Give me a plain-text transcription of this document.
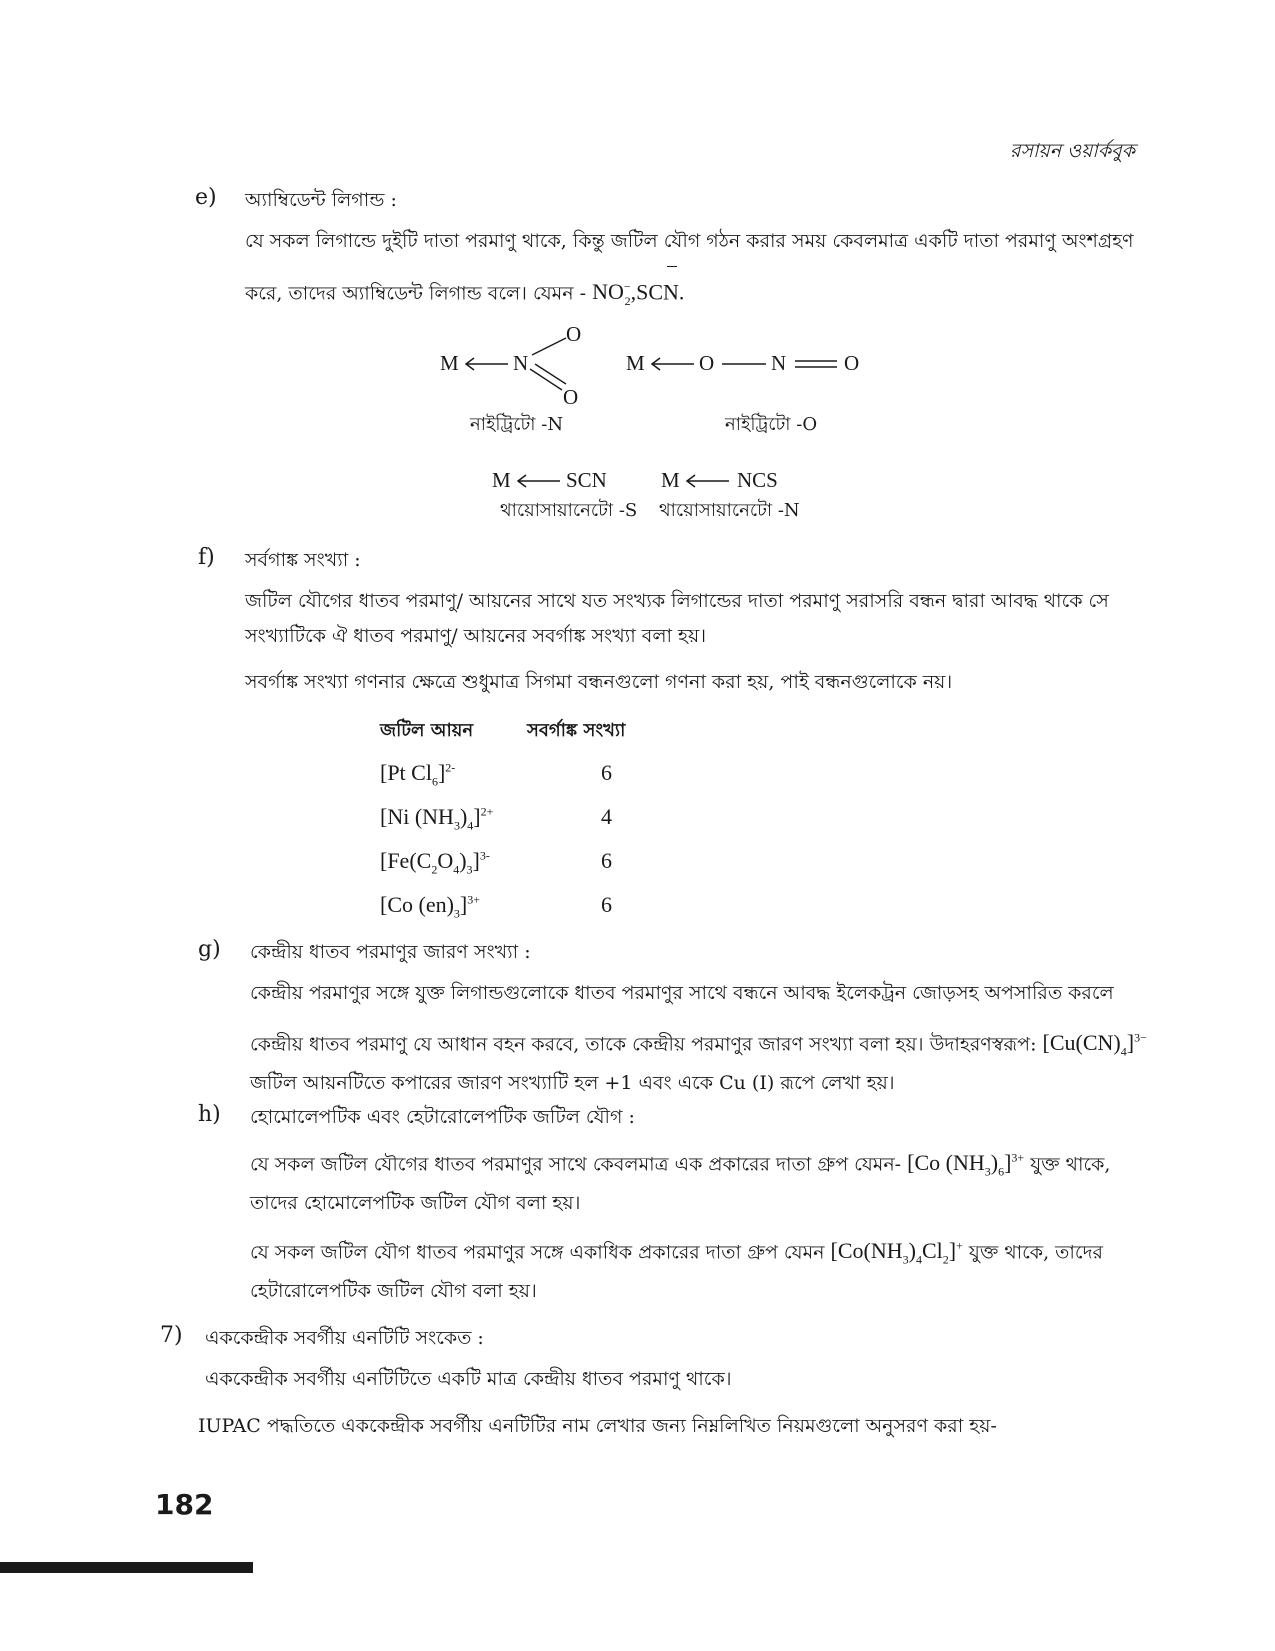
রসায়ন ওয়ার্কবুক
e) অ্যাম্বিডেন্ট লিগান্ড :
যে সকল লিগান্ডে দুইটি দাতা পরমাণু থাকে, কিন্তু জটিল যৌগ গঠন করার সময় কেবলমাত্র একটি দাতা পরমাণু অংশগ্রহণ
করে, তাদের অ্যাম্বিডেন্ট লিগান্ড বলে। যেমন - $NO^-_2,SCN$.
M	N
O
O
নাইট্রিটো -N
M	O	N	O
নাইট্রিটো -O
M	SCN	M	NCS
থায়োসায়ানেটো -S থায়োসায়ানেটো -N
f) সর্বগাঙ্ক সংখ্যা :
জটিল যৌগের ধাতব পরমাণু/ আয়নের সাথে যত সংখ্যক লিগান্ডের দাতা পরমাণু সরাসরি বন্ধন দ্বারা আবদ্ধ থাকে সে
সংখ্যাটিকে ঐ ধাতব পরমাণু/ আয়নের সবর্গাঙ্ক সংখ্যা বলা হয়।
সবর্গাঙ্ক সংখ্যা গণনার ক্ষেত্রে শুধুমাত্র সিগমা বন্ধনগুলো গণনা করা হয়, পাই বন্ধনগুলোকে নয়।
জটিল আয়ন	সবর্গাঙ্ক সংখ্যা
[Pt $Cl_6]^{2-}$	6
[Ni $(NH_3)_4]^{2+}$	4
$[Fe(C_2O_4)_3]^{3-}$	6
[Co $(en)_3]^{3+}$	6
g) কেন্দ্রীয় ধাতব পরমাণুর জারণ সংখ্যা :
কেন্দ্রীয় পরমাণুর সঙ্গে যুক্ত লিগান্ডগুলোকে ধাতব পরমাণুর সাথে বন্ধনে আবদ্ধ ইলেকট্রন জোড়সহ অপসারিত করলে
কেন্দ্রীয় ধাতব পরমাণু যে আধান বহন করবে, তাকে কেন্দ্রীয় পরমাণুর জারণ সংখ্যা বলা হয়। উদাহরণস্বরূপ: $[Cu(CN)_4]^{3-}$
জটিল আয়নটিতে কপারের জারণ সংখ্যাটি হল +1 এবং একে Cu (I) রূপে লেখা হয়।
h) হোমোলেপটিক এবং হেটারোলেপটিক জটিল যৌগ :
যে সকল জটিল যৌগের ধাতব পরমাণুর সাথে কেবলমাত্র এক প্রকারের দাতা গ্রুপ যেমন- [Co $(NH_3)_6]^{3+}$ যুক্ত থাকে,
তাদের হোমোলেপটিক জটিল যৌগ বলা হয়।
যে সকল জটিল যৌগ ধাতব পরমাণুর সঙ্গে একাধিক প্রকারের দাতা গ্রুপ যেমন $[Co(NH_3)_4Cl_2]^+$ যুক্ত থাকে, তাদের
হেটারোলেপটিক জটিল যৌগ বলা হয়।
7) এককেন্দ্রীক সবর্গীয় এনটিটি সংকেত :
এককেন্দ্রীক সবর্গীয় এনটিটিতে একটি মাত্র কেন্দ্রীয় ধাতব পরমাণু থাকে।
IUPAC পদ্ধতিতে এককেন্দ্রীক সবর্গীয় এনটিটির নাম লেখার জন্য নিম্নলিখিত নিয়মগুলো অনুসরণ করা হয়-
182
